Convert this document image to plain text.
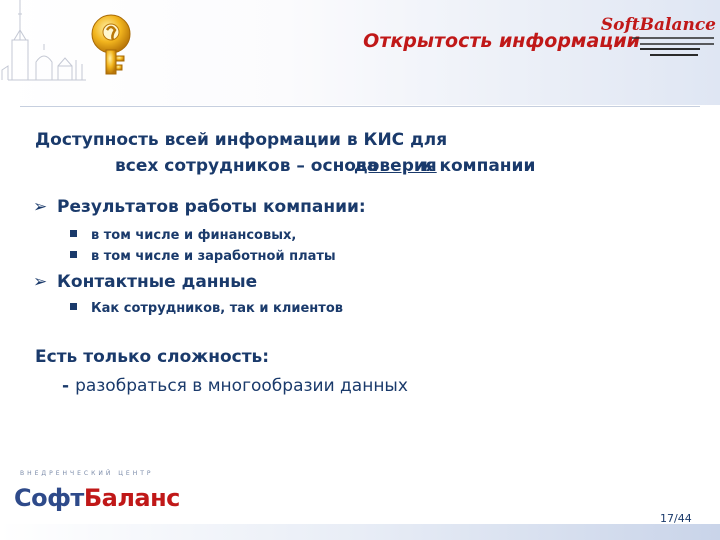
Открытость информации
SoftBalance
Доступность всей информации в КИС для
всех сотрудников – основа
доверия
к компании
➢ Результатов работы компании:
в том числе и финансовых,
в том числе и заработной платы
➢ Контактные данные
Как сотрудников, так и клиентов
Есть только сложность:
- разобраться в многообразии данных
ВНЕДРЕНЧЕСКИЙ ЦЕНТР
СофтБаланс
17/44
